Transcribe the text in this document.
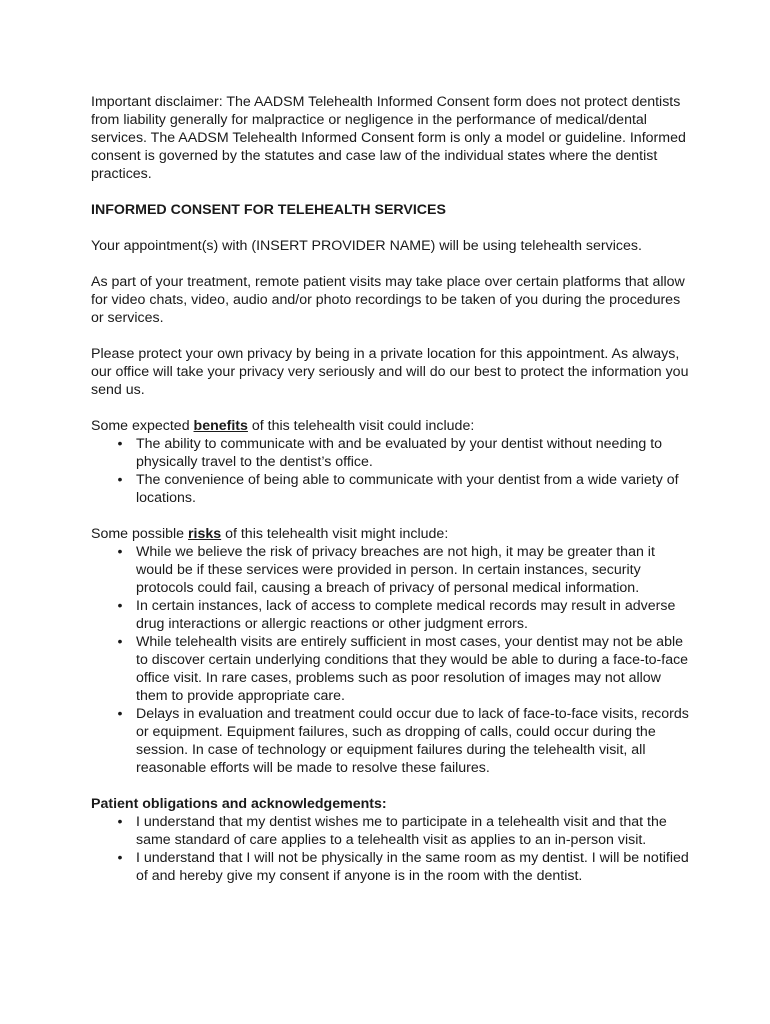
Important disclaimer: The AADSM Telehealth Informed Consent form does not protect dentists from liability generally for malpractice or negligence in the performance of medical/dental services. The AADSM Telehealth Informed Consent form is only a model or guideline. Informed consent is governed by the statutes and case law of the individual states where the dentist practices.

INFORMED CONSENT FOR TELEHEALTH SERVICES

Your appointment(s) with (INSERT PROVIDER NAME) will be using telehealth services.

As part of your treatment, remote patient visits may take place over certain platforms that allow for video chats, video, audio and/or photo recordings to be taken of you during the procedures or services.

Please protect your own privacy by being in a private location for this appointment. As always, our office will take your privacy very seriously and will do our best to protect the information you send us.

Some expected benefits of this telehealth visit could include:

• The ability to communicate with and be evaluated by your dentist without needing to physically travel to the dentist’s office.
• The convenience of being able to communicate with your dentist from a wide variety of locations.

Some possible risks of this telehealth visit might include:

• While we believe the risk of privacy breaches are not high, it may be greater than it would be if these services were provided in person. In certain instances, security protocols could fail, causing a breach of privacy of personal medical information.
• In certain instances, lack of access to complete medical records may result in adverse drug interactions or allergic reactions or other judgment errors.
• While telehealth visits are entirely sufficient in most cases, your dentist may not be able to discover certain underlying conditions that they would be able to during a face-to-face office visit. In rare cases, problems such as poor resolution of images may not allow them to provide appropriate care.
• Delays in evaluation and treatment could occur due to lack of face-to-face visits, records or equipment. Equipment failures, such as dropping of calls, could occur during the session. In case of technology or equipment failures during the telehealth visit, all reasonable efforts will be made to resolve these failures.

Patient obligations and acknowledgements:

• I understand that my dentist wishes me to participate in a telehealth visit and that the same standard of care applies to a telehealth visit as applies to an in-person visit.
• I understand that I will not be physically in the same room as my dentist. I will be notified of and hereby give my consent if anyone is in the room with the dentist.
